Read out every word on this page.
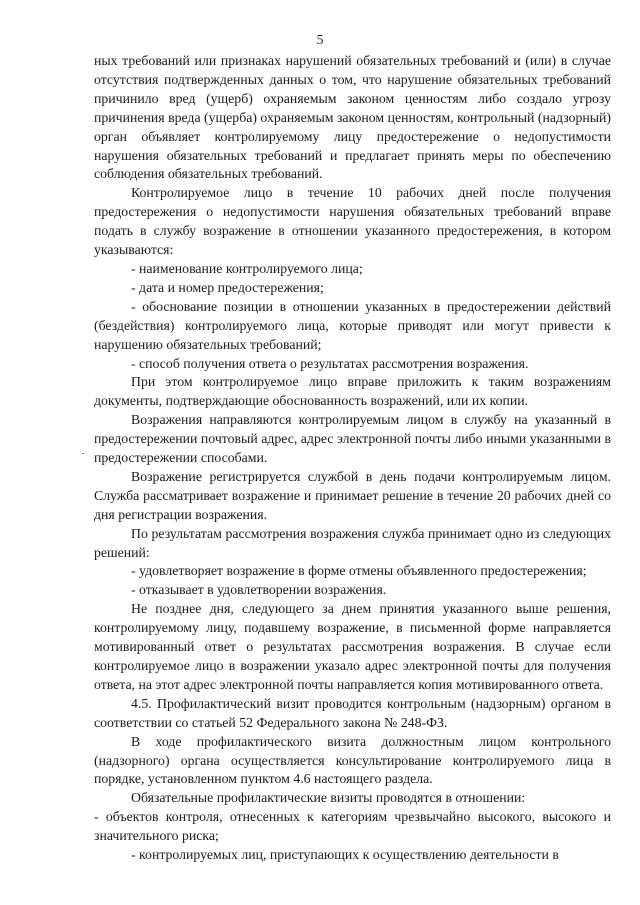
5

ных требований или признаках нарушений обязательных требований и (или) в случае отсутствия подтвержденных данных о том, что нарушение обязательных требований причинило вред (ущерб) охраняемым законом ценностям либо создало угрозу причинения вреда (ущерба) охраняемым законом ценностям, контрольный (надзорный) орган объявляет контролируемому лицу предостережение о недопустимости нарушения обязательных требований и предлагает принять меры по обеспечению соблюдения обязательных требований.

Контролируемое лицо в течение 10 рабочих дней после получения предостережения о недопустимости нарушения обязательных требований вправе подать в службу возражение в отношении указанного предостережения, в котором указываются:

- наименование контролируемого лица;

- дата и номер предостережения;

- обоснование позиции в отношении указанных в предостережении действий (бездействия) контролируемого лица, которые приводят или могут привести к нарушению обязательных требований;

- способ получения ответа о результатах рассмотрения возражения.

При этом контролируемое лицо вправе приложить к таким возражениям документы, подтверждающие обоснованность возражений, или их копии.

Возражения направляются контролируемым лицом в службу на указанный в предостережении почтовый адрес, адрес электронной почты либо иными указанными в предостережении способами.

Возражение регистрируется службой в день подачи контролируемым лицом. Служба рассматривает возражение и принимает решение в течение 20 рабочих дней со дня регистрации возражения.

По результатам рассмотрения возражения служба принимает одно из следующих решений:

- удовлетворяет возражение в форме отмены объявленного предостережения;

- отказывает в удовлетворении возражения.

Не позднее дня, следующего за днем принятия указанного выше решения, контролируемому лицу, подавшему возражение, в письменной форме направляется мотивированный ответ о результатах рассмотрения возражения. В случае если контролируемое лицо в возражении указало адрес электронной почты для получения ответа, на этот адрес электронной почты направляется копия мотивированного ответа.

4.5. Профилактический визит проводится контрольным (надзорным) органом в соответствии со статьей 52 Федерального закона № 248-ФЗ.

В ходе профилактического визита должностным лицом контрольного (надзорного) органа осуществляется консультирование контролируемого лица в порядке, установленном пунктом 4.6 настоящего раздела.

Обязательные профилактические визиты проводятся в отношении:

- объектов контроля, отнесенных к категориям чрезвычайно высокого, высокого и значительного риска;

- контролируемых лиц, приступающих к осуществлению деятельности в
